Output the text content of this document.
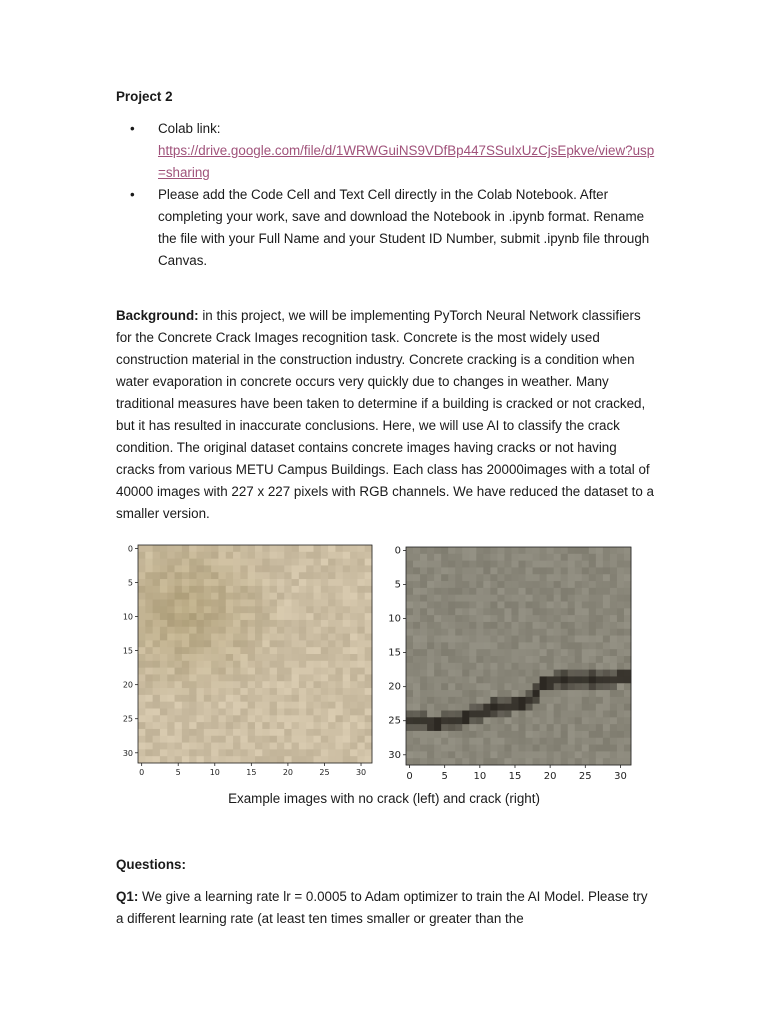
Project 2

• Colab link:
https://drive.google.com/file/d/1WRWGuiNS9VDfBp447SSuIxUzCjsEpkve/view?usp=sharing
• Please add the Code Cell and Text Cell directly in the Colab Notebook. After completing your work, save and download the Notebook in .ipynb format. Rename the file with your Full Name and your Student ID Number, submit .ipynb file through Canvas.

Background: in this project, we will be implementing PyTorch Neural Network classifiers for the Concrete Crack Images recognition task. Concrete is the most widely used construction material in the construction industry. Concrete cracking is a condition when water evaporation in concrete occurs very quickly due to changes in weather. Many traditional measures have been taken to determine if a building is cracked or not cracked, but it has resulted in inaccurate conclusions. Here, we will use AI to classify the crack condition. The original dataset contains concrete images having cracks or not having cracks from various METU Campus Buildings. Each class has 20000images with a total of 40000 images with 227 x 227 pixels with RGB channels. We have reduced the dataset to a smaller version.

0
5
10
15
20
25
30
0	5	10	15	20	25	30
0
5
10
15
20
25
30
0	5	10 15 20 25 30
Example images with no crack (left) and crack (right)

Questions:

Q1: We give a learning rate lr = 0.0005 to Adam optimizer to train the AI Model. Please try a different learning rate (at least ten times smaller or greater than the
